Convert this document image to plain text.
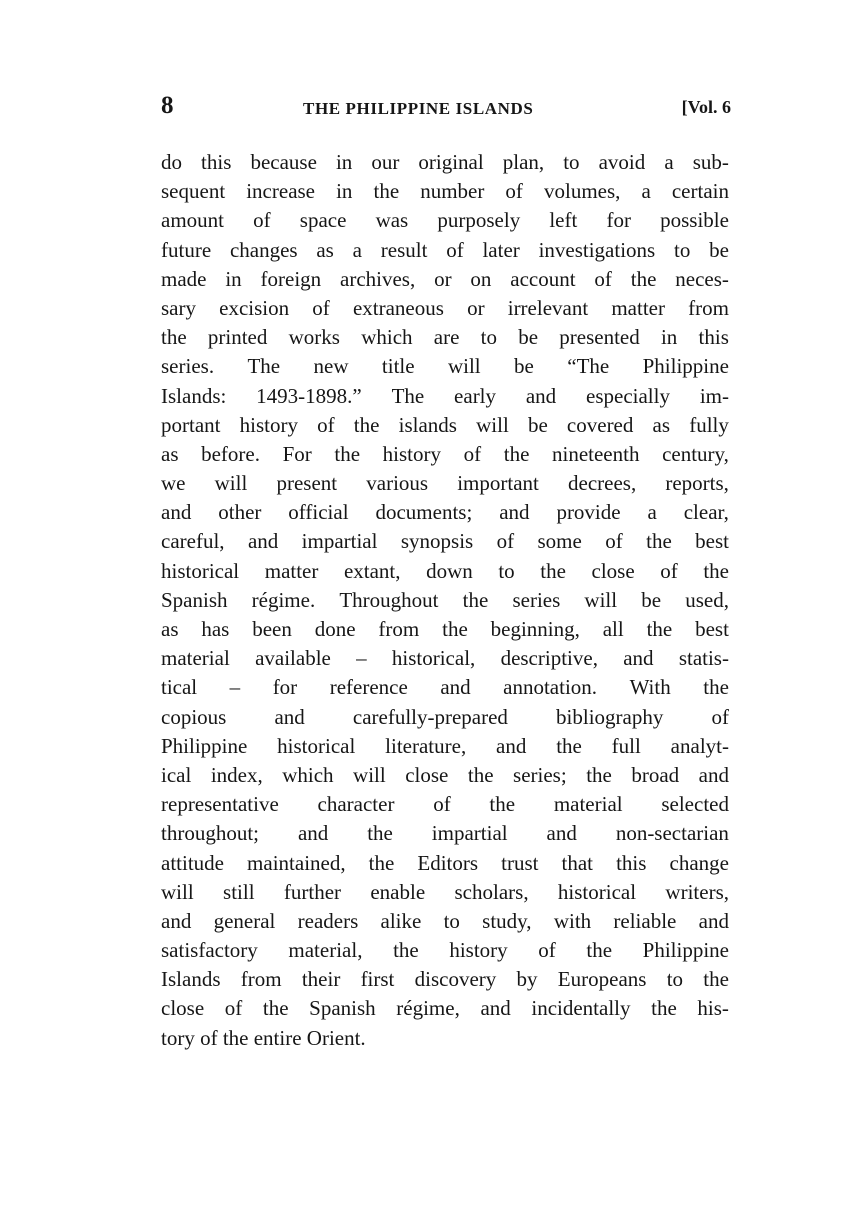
8	THE PHILIPPINE ISLANDS	[Vol. 6
do this because in our original plan, to avoid a sub-
sequent increase in the number of volumes, a certain
amount of space was purposely left for possible
future changes as a result of later investigations to be
made in foreign archives, or on account of the neces-
sary excision of extraneous or irrelevant matter from
the printed works which are to be presented in this
series. The new title will be “The Philippine
Islands: 1493-1898.” The early and especially im-
portant history of the islands will be covered as fully
as before. For the history of the nineteenth century,
we will present various important decrees, reports,
and other official documents; and provide a clear,
careful, and impartial synopsis of some of the best
historical matter extant, down to the close of the
Spanish régime. Throughout the series will be used,
as has been done from the beginning, all the best
material available – historical, descriptive, and statis-
tical – for reference and annotation. With the
copious and carefully-prepared bibliography of
Philippine historical literature, and the full analyt-
ical index, which will close the series; the broad and
representative character of the material selected
throughout; and the impartial and non-sectarian
attitude maintained, the Editors trust that this change
will still further enable scholars, historical writers,
and general readers alike to study, with reliable and
satisfactory material, the history of the Philippine
Islands from their first discovery by Europeans to the
close of the Spanish régime, and incidentally the his-
tory of the entire Orient.
